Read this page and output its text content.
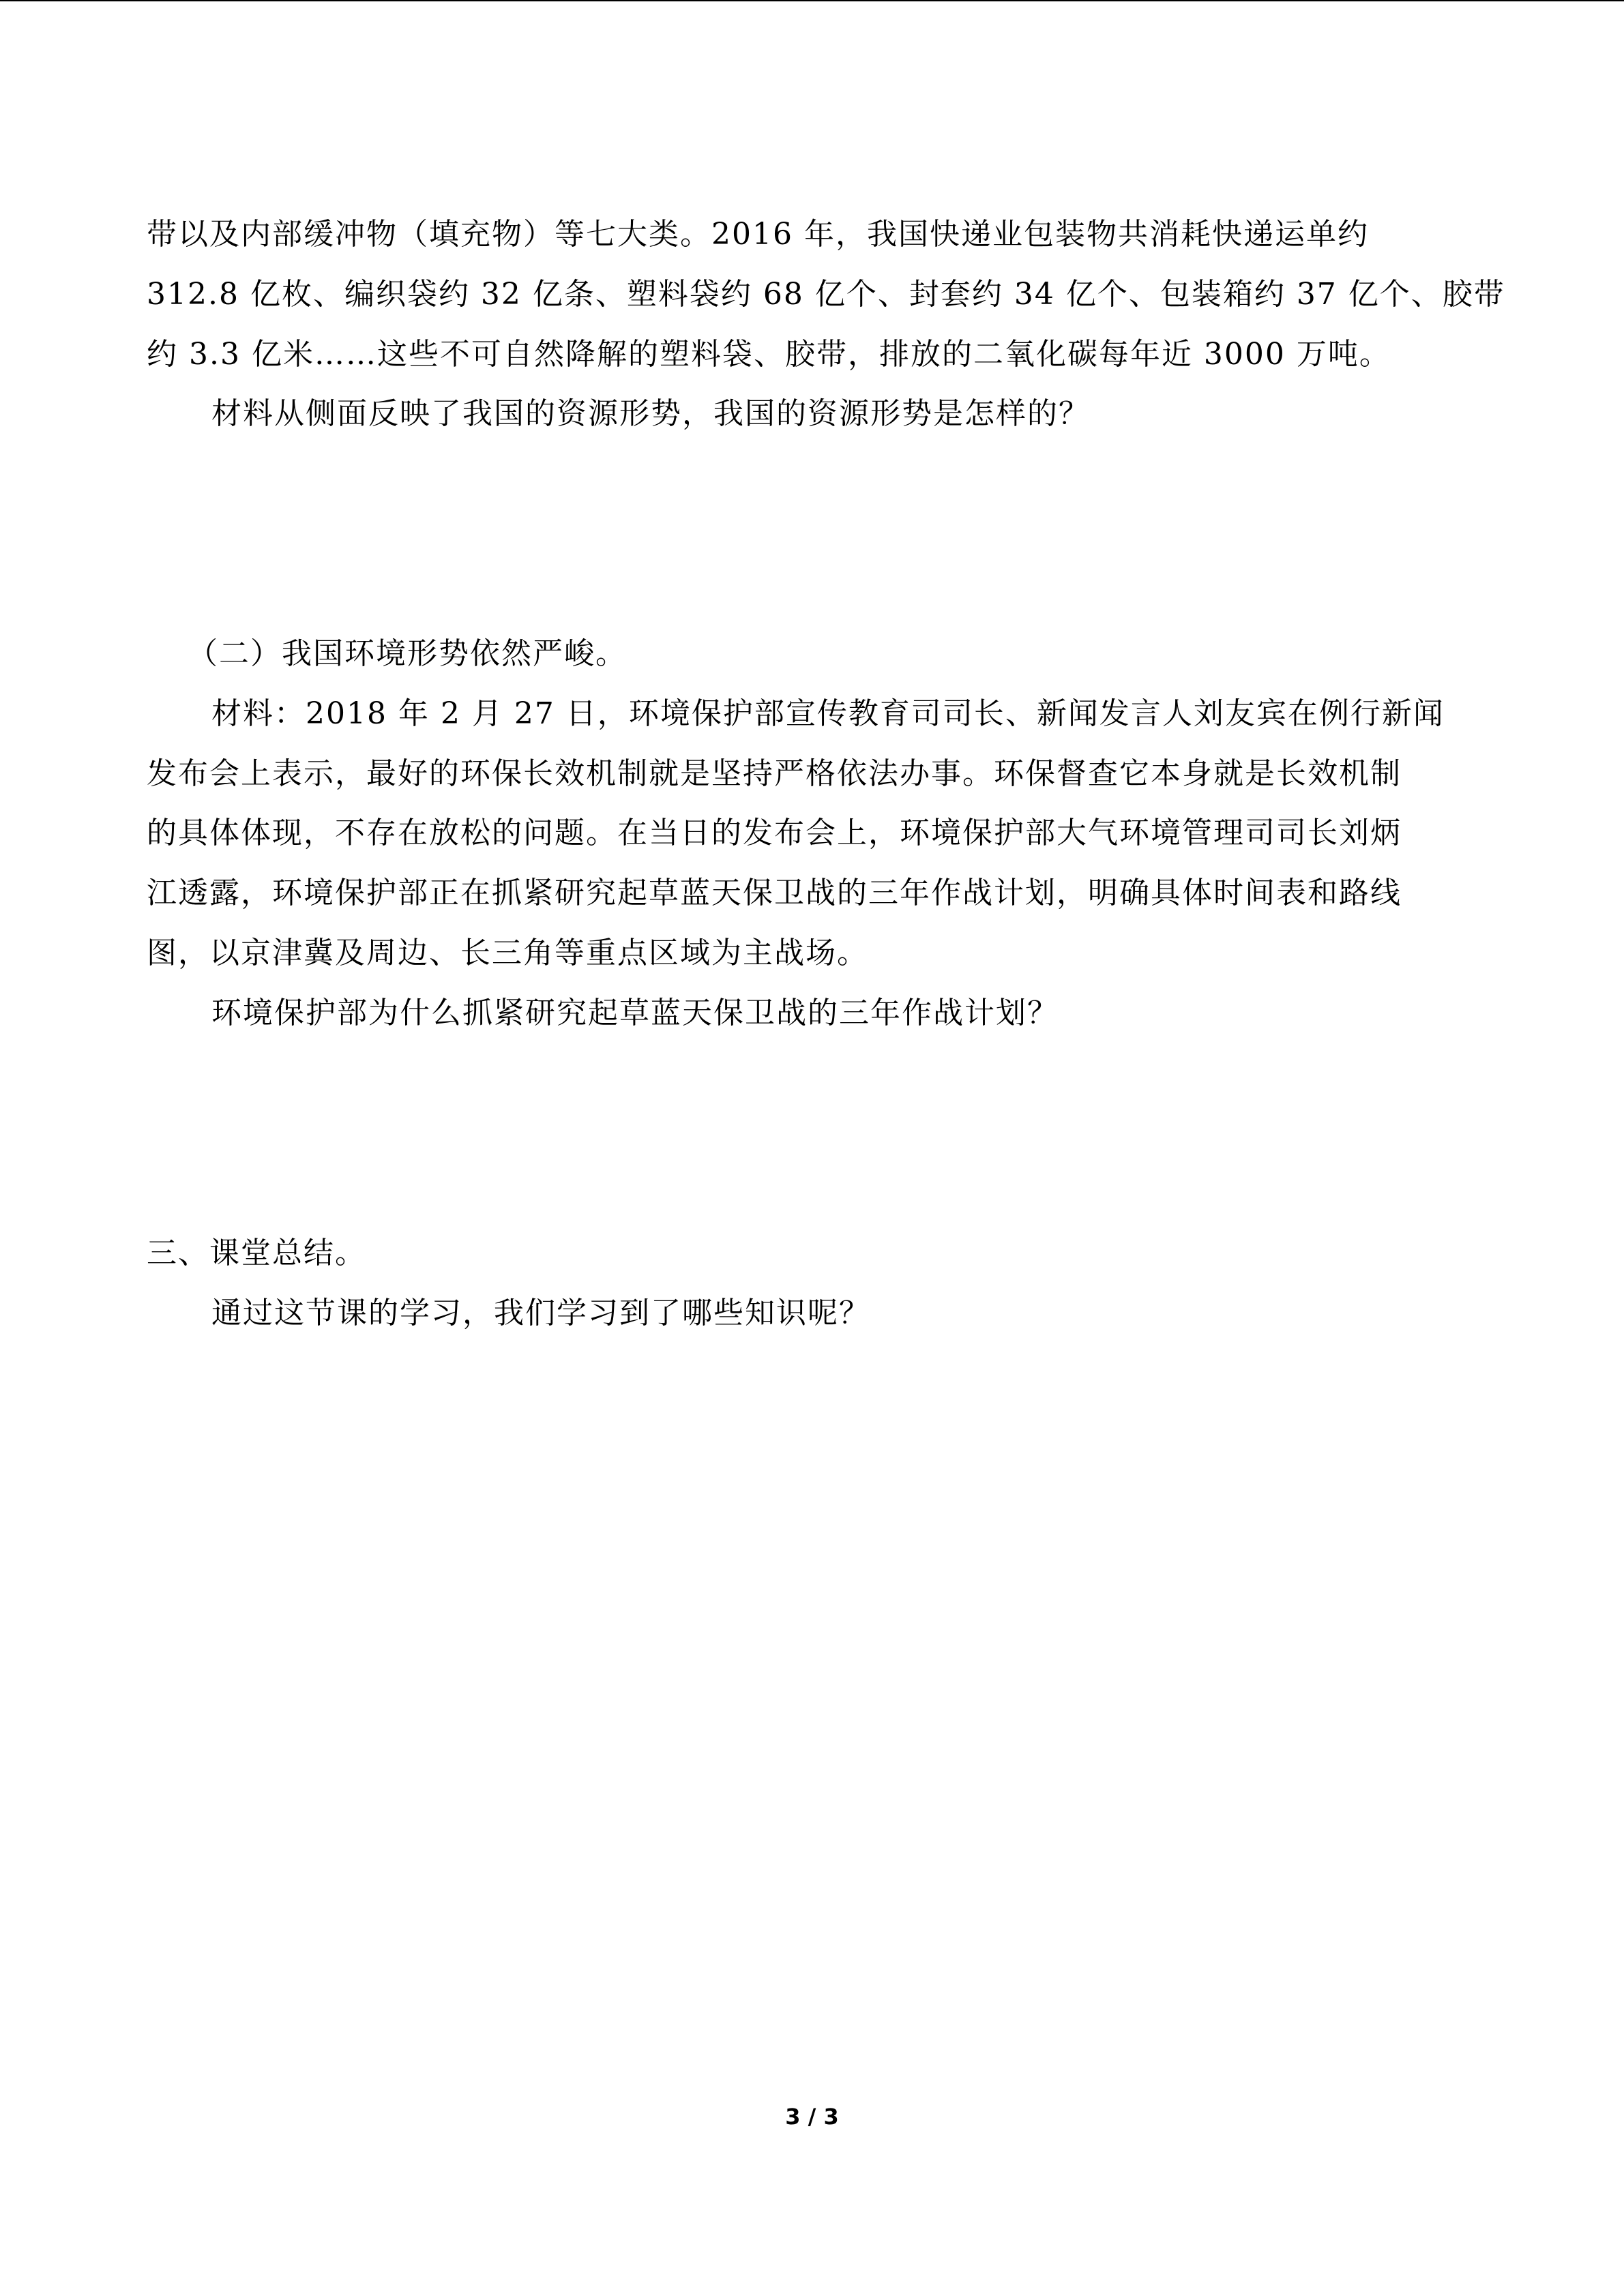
带以及内部缓冲物（填充物）等七大类。2016 年，我国快递业包装物共消耗快递运单约
312.8 亿枚、编织袋约 32 亿条、塑料袋约 68 亿个、封套约 34 亿个、包装箱约 37 亿个、胶带
约 3.3 亿米……这些不可自然降解的塑料袋、胶带，排放的二氧化碳每年近 3000 万吨。
材料从侧面反映了我国的资源形势，我国的资源形势是怎样的？
（二）我国环境形势依然严峻。
材料：2018 年 2 月 27 日，环境保护部宣传教育司司长、新闻发言人刘友宾在例行新闻
发布会上表示，最好的环保长效机制就是坚持严格依法办事。环保督查它本身就是长效机制
的具体体现，不存在放松的问题。在当日的发布会上，环境保护部大气环境管理司司长刘炳
江透露，环境保护部正在抓紧研究起草蓝天保卫战的三年作战计划，明确具体时间表和路线
图，以京津冀及周边、长三角等重点区域为主战场。
环境保护部为什么抓紧研究起草蓝天保卫战的三年作战计划？
三、课堂总结。
通过这节课的学习，我们学习到了哪些知识呢？
3 / 3
